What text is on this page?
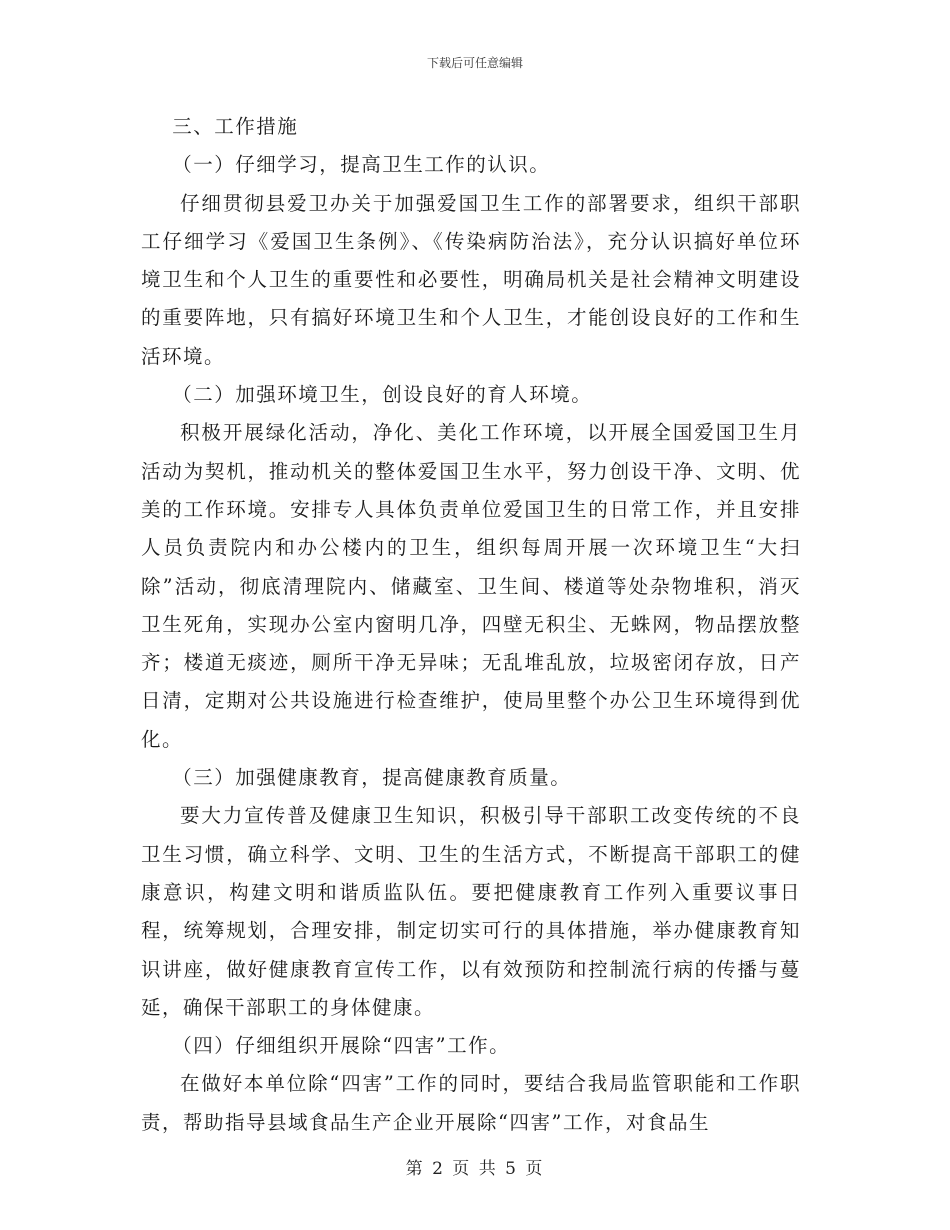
下载后可任意编辑

三、工作措施

（一）仔细学习，提高卫生工作的认识。

仔细贯彻县爱卫办关于加强爱国卫生工作的部署要求，组织干部职工仔细学习《爱国卫生条例》、《传染病防治法》，充分认识搞好单位环境卫生和个人卫生的重要性和必要性，明确局机关是社会精神文明建设的重要阵地，只有搞好环境卫生和个人卫生，才能创设良好的工作和生活环境。

（二）加强环境卫生，创设良好的育人环境。

积极开展绿化活动，净化、美化工作环境，以开展全国爱国卫生月活动为契机，推动机关的整体爱国卫生水平，努力创设干净、文明、优美的工作环境。安排专人具体负责单位爱国卫生的日常工作，并且安排人员负责院内和办公楼内的卫生，组织每周开展一次环境卫生“大扫除”活动，彻底清理院内、储藏室、卫生间、楼道等处杂物堆积，消灭卫生死角，实现办公室内窗明几净，四壁无积尘、无蛛网，物品摆放整齐；楼道无痰迹，厕所干净无异味；无乱堆乱放，垃圾密闭存放，日产日清，定期对公共设施进行检查维护，使局里整个办公卫生环境得到优化。

（三）加强健康教育，提高健康教育质量。

要大力宣传普及健康卫生知识，积极引导干部职工改变传统的不良卫生习惯，确立科学、文明、卫生的生活方式，不断提高干部职工的健康意识，构建文明和谐质监队伍。要把健康教育工作列入重要议事日程，统筹规划，合理安排，制定切实可行的具体措施，举办健康教育知识讲座，做好健康教育宣传工作，以有效预防和控制流行病的传播与蔓延，确保干部职工的身体健康。

（四）仔细组织开展除“四害”工作。

在做好本单位除“四害”工作的同时，要结合我局监管职能和工作职责，帮助指导县域食品生产企业开展除“四害”工作，对食品生

第 2 页 共 5 页
